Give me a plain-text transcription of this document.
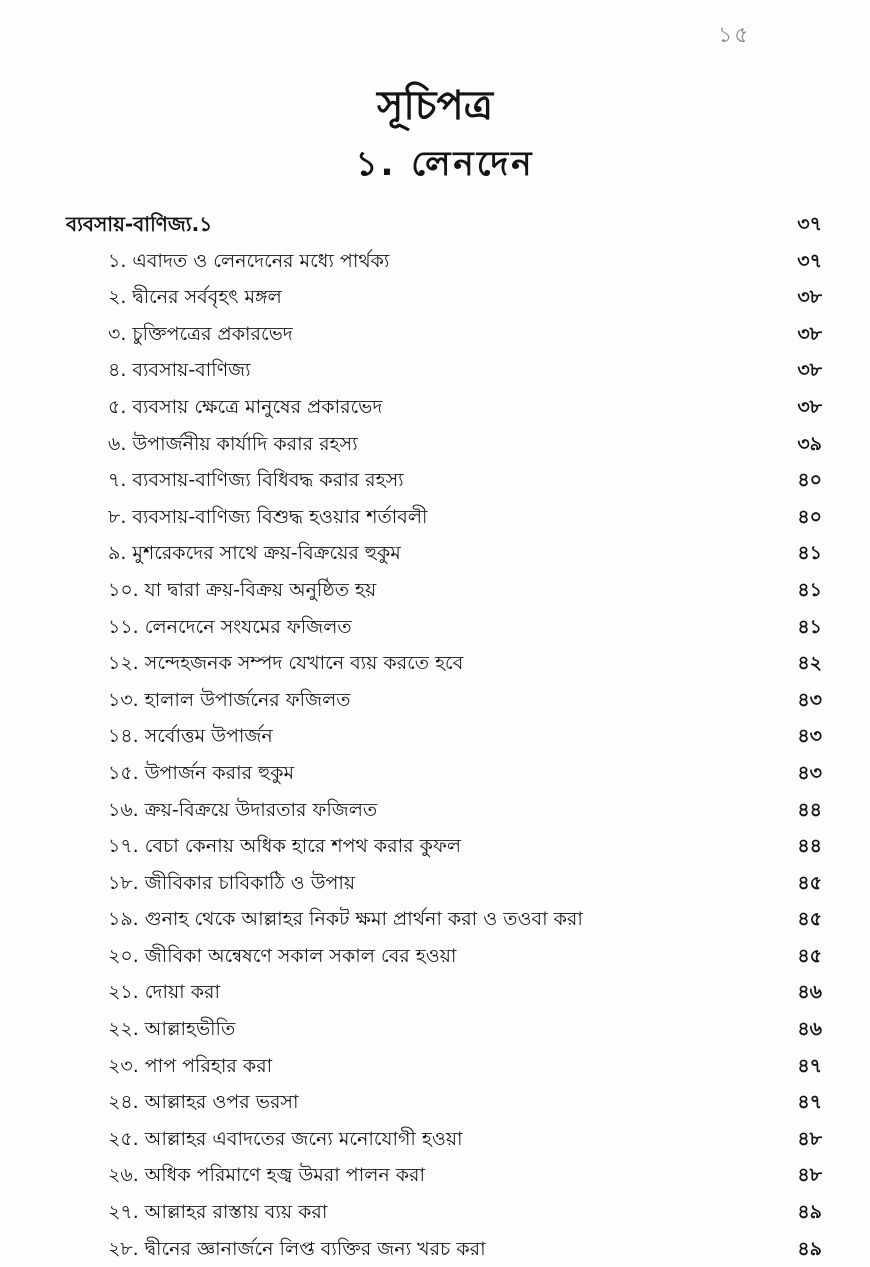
১৫
সূচিপত্র
১. লেনদেন
ব্যবসায়-বাণিজ্য.১	৩৭
১. এবাদত ও লেনদেনের মধ্যে পার্থক্য	৩৭
২. দ্বীনের সর্ববৃহৎ মঙ্গল	৩৮
৩. চুক্তিপত্রের প্রকারভেদ	৩৮
৪. ব্যবসায়-বাণিজ্য	৩৮
৫. ব্যবসায় ক্ষেত্রে মানুষের প্রকারভেদ	৩৮
৬. উপার্জনীয় কার্যাদি করার রহস্য	৩৯
৭. ব্যবসায়-বাণিজ্য বিধিবদ্ধ করার রহস্য	৪০
৮. ব্যবসায়-বাণিজ্য বিশুদ্ধ হওয়ার শর্তাবলী	৪০
৯. মুশরেকদের সাথে ক্রয়-বিক্রয়ের হুকুম	৪১
১০. যা দ্বারা ক্রয়-বিক্রয় অনুষ্ঠিত হয়	৪১
১১. লেনদেনে সংযমের ফজিলত	৪১
১২. সন্দেহজনক সম্পদ যেখানে ব্যয় করতে হবে	৪২
১৩. হালাল উপার্জনের ফজিলত	৪৩
১৪. সর্বোত্তম উপার্জন	৪৩
১৫. উপার্জন করার হুকুম	৪৩
১৬. ক্রয়-বিক্রয়ে উদারতার ফজিলত	৪৪
১৭. বেচা কেনায় অধিক হারে শপথ করার কুফল	৪৪
১৮. জীবিকার চাবিকাঠি ও উপায়	৪৫
১৯. গুনাহ থেকে আল্লাহর নিকট ক্ষমা প্রার্থনা করা ও তওবা করা	৪৫
২০. জীবিকা অন্বেষণে সকাল সকাল বের হওয়া	৪৫
২১. দোয়া করা	৪৬
২২. আল্লাহভীতি	৪৬
২৩. পাপ পরিহার করা	৪৭
২৪. আল্লাহর ওপর ভরসা	৪৭
২৫. আল্লাহর এবাদতের জন্যে মনোযোগী হওয়া	৪৮
২৬. অধিক পরিমাণে হজ্ব উমরা পালন করা	৪৮
২৭. আল্লাহর রাস্তায় ব্যয় করা	৪৯
২৮. দ্বীনের জ্ঞানার্জনে লিপ্ত ব্যক্তির জন্য খরচ করা	৪৯
